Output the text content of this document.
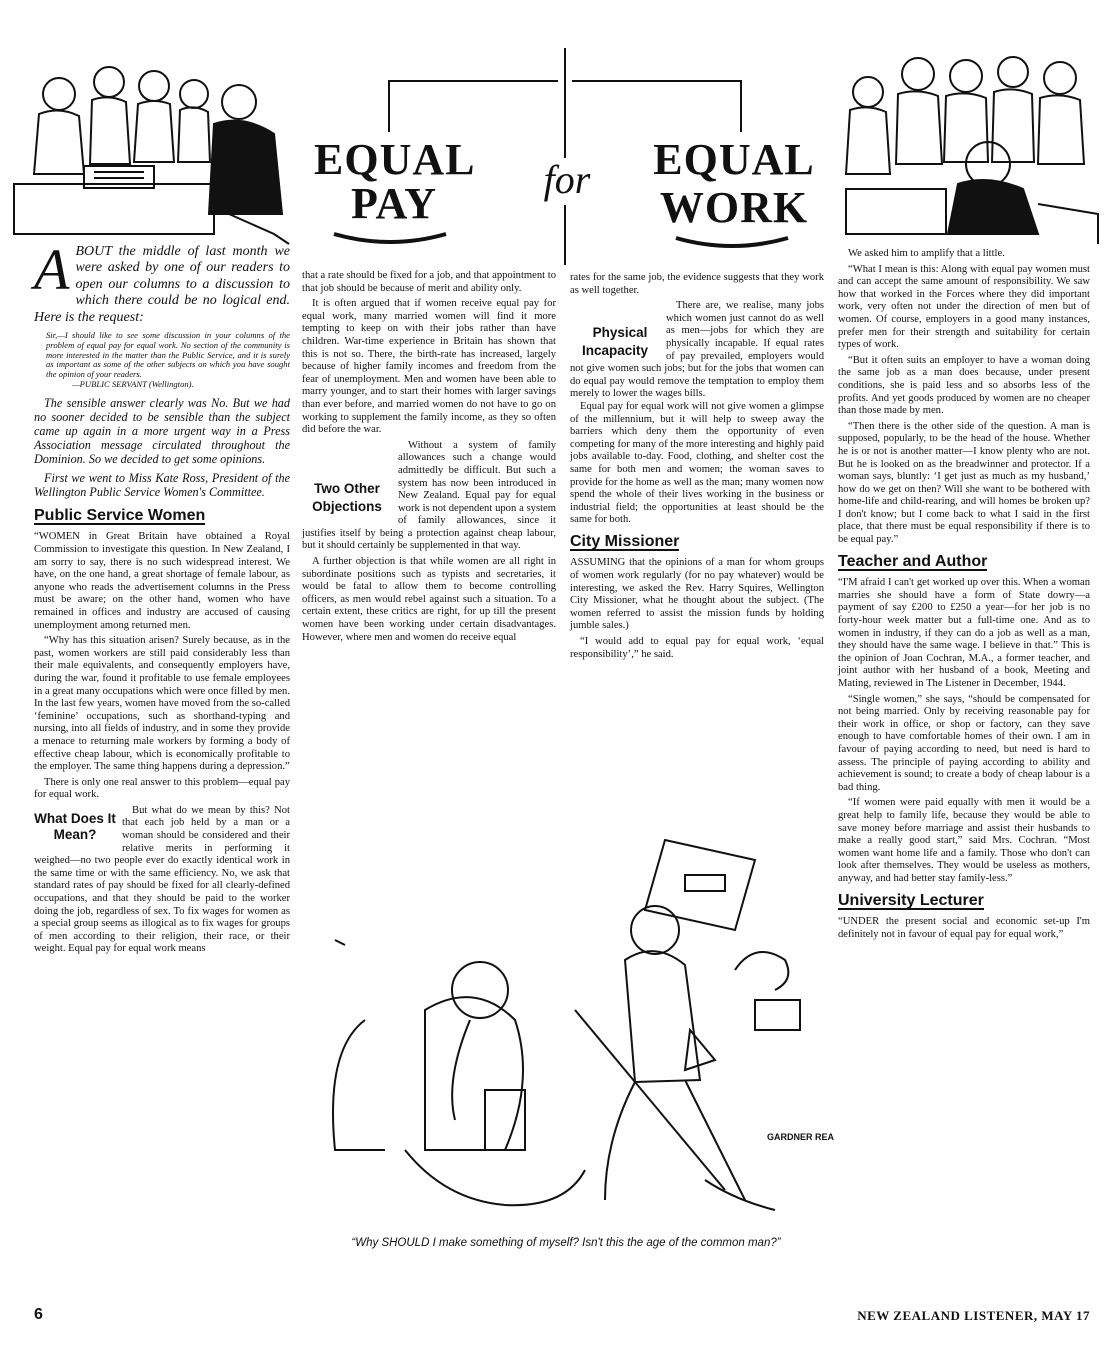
EQUAL
PAY	for	EQUAL
WORK
A BOUT the middle of last month we were asked by one of our readers to open our columns to a discussion to which there could be no logical end. Here is the request:

Sir,—I should like to see some discussion in your columns of the problem of equal pay for equal work. No section of the community is more interested in the matter than the Public Service, and it is surely as important as some of the other subjects on which you have sought the opinion of your readers.
—PUBLIC SERVANT (Wellington).

The sensible answer clearly was No. But we had no sooner decided to be sensible than the subject came up again in a more urgent way in a Press Association message circulated throughout the Dominion. So we decided to get some opinions.

First we went to Miss Kate Ross, President of the Wellington Public Service Women's Committee.

Public Service Women

“WOMEN in Great Britain have obtained a Royal Commission to investigate this question. In New Zealand, I am sorry to say, there is no such widespread interest. We have, on the one hand, a great shortage of female labour, as anyone who reads the advertisement columns in the Press must be aware; on the other hand, women who have remained in offices and industry are accused of causing unemployment among returned men.

“Why has this situation arisen? Surely because, as in the past, women workers are still paid considerably less than their male equivalents, and consequently employers have, during the war, found it profitable to use female employees in a great many occupations which were once filled by men. In the last few years, women have moved from the so-called ‘feminine’ occupations, such as shorthand-typing and nursing, into all fields of industry, and in some they provide a menace to returning male workers by forming a body of effective cheap labour, which is economically profitable to the employer. The same thing happens during a depression.”

There is only one real answer to this problem—equal pay for equal work.

What Does It Mean?

But what do we mean by this? Not that each job held by a man or a woman should be considered and their relative merits in performing it weighed—no two people ever do exactly identical work in the same time or with the same efficiency. No, we ask that standard rates of pay should be fixed for all clearly-defined occupations, and that they should be paid to the worker doing the job, regardless of sex. To fix wages for women as a special group seems as illogical as to fix wages for groups of men according to their religion, their race, or their weight. Equal pay for equal work means

that a rate should be fixed for a job, and that appointment to that job should be because of merit and ability only.

It is often argued that if women receive equal pay for equal work, many married women will find it more tempting to keep on with their jobs rather than have children. War-time experience in Britain has shown that this is not so. There, the birth-rate has increased, largely because of higher family incomes and freedom from the fear of unemployment. Men and women have been able to marry younger, and to start their homes with larger savings than ever before, and married women do not have to go on working to supplement the family income, as they so often did before the war.

Two Other Objections

Without a system of family allowances such a change would admittedly be difficult. But such a system has now been introduced in New Zealand. Equal pay for equal work is not dependent upon a system of family allowances, since it justifies itself by being a protection against cheap labour, but it should certainly be supplemented in that way.

A further objection is that while women are all right in subordinate positions such as typists and secretaries, it would be fatal to allow them to become controlling officers, as men would rebel against such a situation. To a certain extent, these critics are right, for up till the present women have been working under certain disadvantages. However, where men and women do receive equal

rates for the same job, the evidence suggests that they work as well together.

Physical Incapacity
There are, we realise, many jobs which women just cannot do as well as men—jobs for which they are physically incapable. If equal rates of pay prevailed, employers would not give women such jobs; but for the jobs that women can do equal pay would remove the temptation to employ them merely to lower the wages bills.

Equal pay for equal work will not give women a glimpse of the millennium, but it will help to sweep away the barriers which deny them the opportunity of even competing for many of the more interesting and highly paid jobs available to-day. Food, clothing, and shelter cost the same for both men and women; the woman saves to provide for the home as well as the man; many women now spend the whole of their lives working in the business or industrial field; the opportunities at least should be the same for both.

City Missioner

ASSUMING that the opinions of a man for whom groups of women work regularly (for no pay whatever) would be interesting, we asked the Rev. Harry Squires, Wellington City Missioner, what he thought about the subject. (The women referred to assist the mission funds by holding jumble sales.)

“I would add to equal pay for equal work, ‘equal responsibility’,” he said.

We asked him to amplify that a little.

“What I mean is this: Along with equal pay women must and can accept the same amount of responsibility. We saw how that worked in the Forces where they did important work, very often not under the direction of men but of women. Of course, employers in a good many instances, prefer men for their strength and suitability for certain types of work.

“But it often suits an employer to have a woman doing the same job as a man does because, under present conditions, she is paid less and so absorbs less of the profits. And yet goods produced by women are no cheaper than those made by men.

“Then there is the other side of the question. A man is supposed, popularly, to be the head of the house. Whether he is or not is another matter—I know plenty who are not. But he is looked on as the breadwinner and protector. If a woman says, bluntly: ‘I get just as much as my husband,’ how do we get on then? Will she want to be bothered with home-life and child-rearing, and will homes be broken up? I don't know; but I come back to what I said in the first place, that there must be equal responsibility if there is to be equal pay.”

Teacher and Author

“I'M afraid I can't get worked up over this. When a woman marries she should have a form of State dowry—a payment of say £200 to £250 a year—for her job is no forty-hour week matter but a full-time one. And as to women in industry, if they can do a job as well as a man, they should have the same wage. I believe in that.” This is the opinion of Joan Cochran, M.A., a former teacher, and joint author with her husband of a book, Meeting and Mating, reviewed in The Listener in December, 1944.

“Single women,” she says, “should be compensated for not being married. Only by receiving reasonable pay for their work in office, or shop or factory, can they save enough to have comfortable homes of their own. I am in favour of paying according to need, but need is hard to assess. The principle of paying according to ability and achievement is sound; to create a body of cheap labour is a bad thing.

“If women were paid equally with men it would be a great help to family life, because they would be able to save money before marriage and assist their husbands to make a really good start,” said Mrs. Cochran. “Most women want home life and a family. Those who don't can look after themselves. They would be useless as mothers, anyway, and had better stay family-less.”

University Lecturer

“UNDER the present social and economic set-up I'm definitely not in favour of equal pay for equal work,”

GARDNER REA
“Why SHOULD I make something of myself? Isn't this the age of the common man?”
6	NEW ZEALAND LISTENER, MAY 17
